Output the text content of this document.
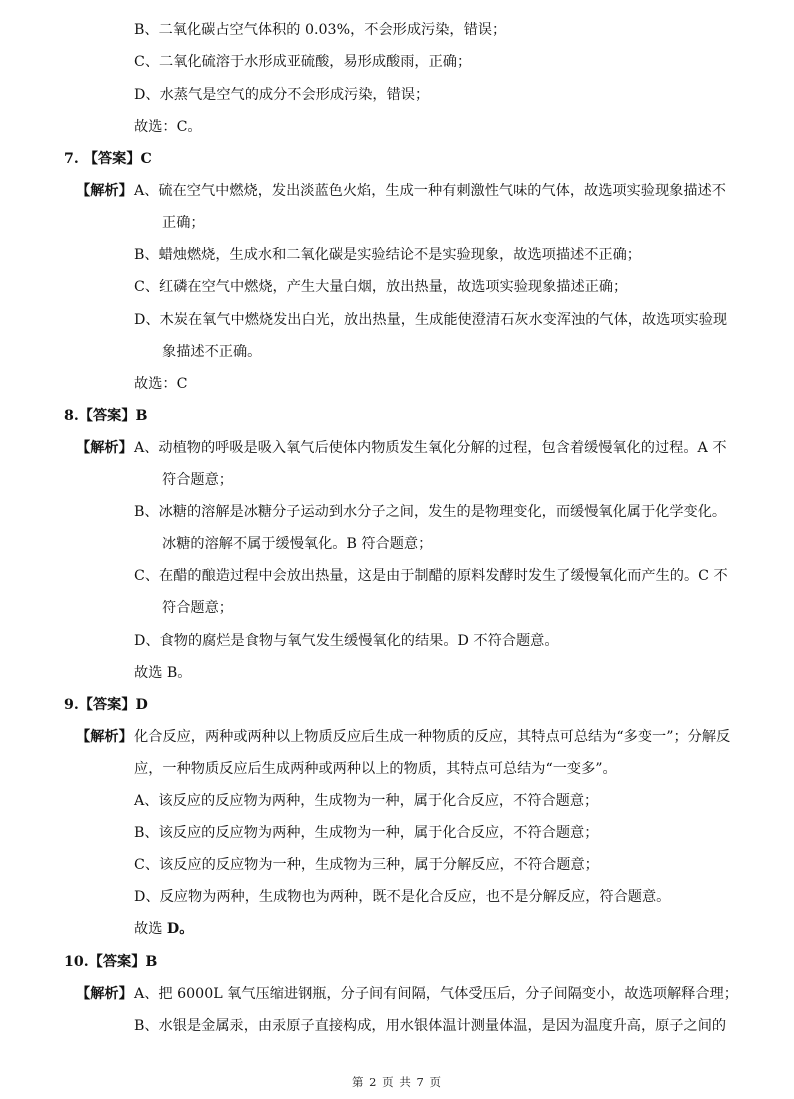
B、二氧化碳占空气体积的 0.03%，不会形成污染，错误；
C、二氧化硫溶于水形成亚硫酸，易形成酸雨，正确；
D、水蒸气是空气的成分不会形成污染，错误；
故选：C。
7. 【答案】C
【解析】 A、硫在空气中燃烧，发出淡蓝色火焰，生成一种有刺激性气味的气体，故选项实验现象描述不
正确；
B、蜡烛燃烧，生成水和二氧化碳是实验结论不是实验现象，故选项描述不正确；
C、红磷在空气中燃烧，产生大量白烟，放出热量，故选项实验现象描述正确；
D、木炭在氧气中燃烧发出白光，放出热量，生成能使澄清石灰水变浑浊的气体，故选项实验现
象描述不正确。
故选：C
8.【答案】B
【解析】 A、动植物的呼吸是吸入氧气后使体内物质发生氧化分解的过程，包含着缓慢氧化的过程。A 不
符合题意；
B、冰糖的溶解是冰糖分子运动到水分子之间，发生的是物理变化，而缓慢氧化属于化学变化。
冰糖的溶解不属于缓慢氧化。B 符合题意；
C、在醋的酿造过程中会放出热量，这是由于制醋的原料发酵时发生了缓慢氧化而产生的。C 不
符合题意；
D、食物的腐烂是食物与氧气发生缓慢氧化的结果。D 不符合题意。
故选 B。
9.【答案】D
【解析】 化合反应，两种或两种以上物质反应后生成一种物质的反应，其特点可总结为“多变一”；分解反
应，一种物质反应后生成两种或两种以上的物质，其特点可总结为“一变多”。
A、该反应的反应物为两种，生成物为一种，属于化合反应，不符合题意；
B、该反应的反应物为两种，生成物为一种，属于化合反应，不符合题意；
C、该反应的反应物为一种，生成物为三种，属于分解反应，不符合题意；
D、反应物为两种，生成物也为两种，既不是化合反应，也不是分解反应，符合题意。
故选 D。
10.【答案】B
【解析】 A、把 6000L 氧气压缩进钢瓶，分子间有间隔，气体受压后，分子间隔变小，故选项解释合理；
B、水银是金属汞，由汞原子直接构成，用水银体温计测量体温，是因为温度升高，原子之间的
第 2 页 共 7 页
